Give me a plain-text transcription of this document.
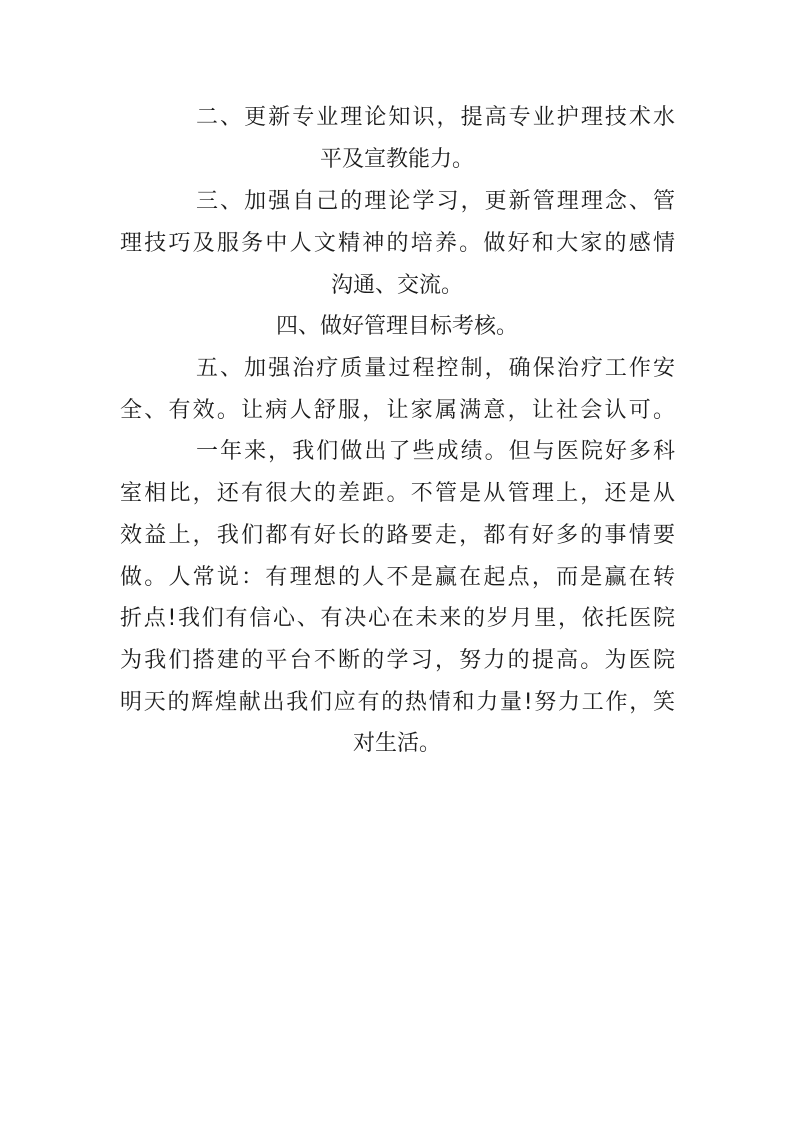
二、更新专业理论知识，提高专业护理技术水
平及宣教能力。
三、加强自己的理论学习，更新管理理念、管
理技巧及服务中人文精神的培养。做好和大家的感情
沟通、交流。
四、做好管理目标考核。
五、加强治疗质量过程控制，确保治疗工作安
全、有效。让病人舒服，让家属满意，让社会认可。
一年来，我们做出了些成绩。但与医院好多科
室相比，还有很大的差距。不管是从管理上，还是从
效益上，我们都有好长的路要走，都有好多的事情要
做。人常说：有理想的人不是赢在起点，而是赢在转
折点!我们有信心、有决心在未来的岁月里，依托医院
为我们搭建的平台不断的学习，努力的提高。为医院
明天的辉煌献出我们应有的热情和力量!努力工作，笑
对生活。
